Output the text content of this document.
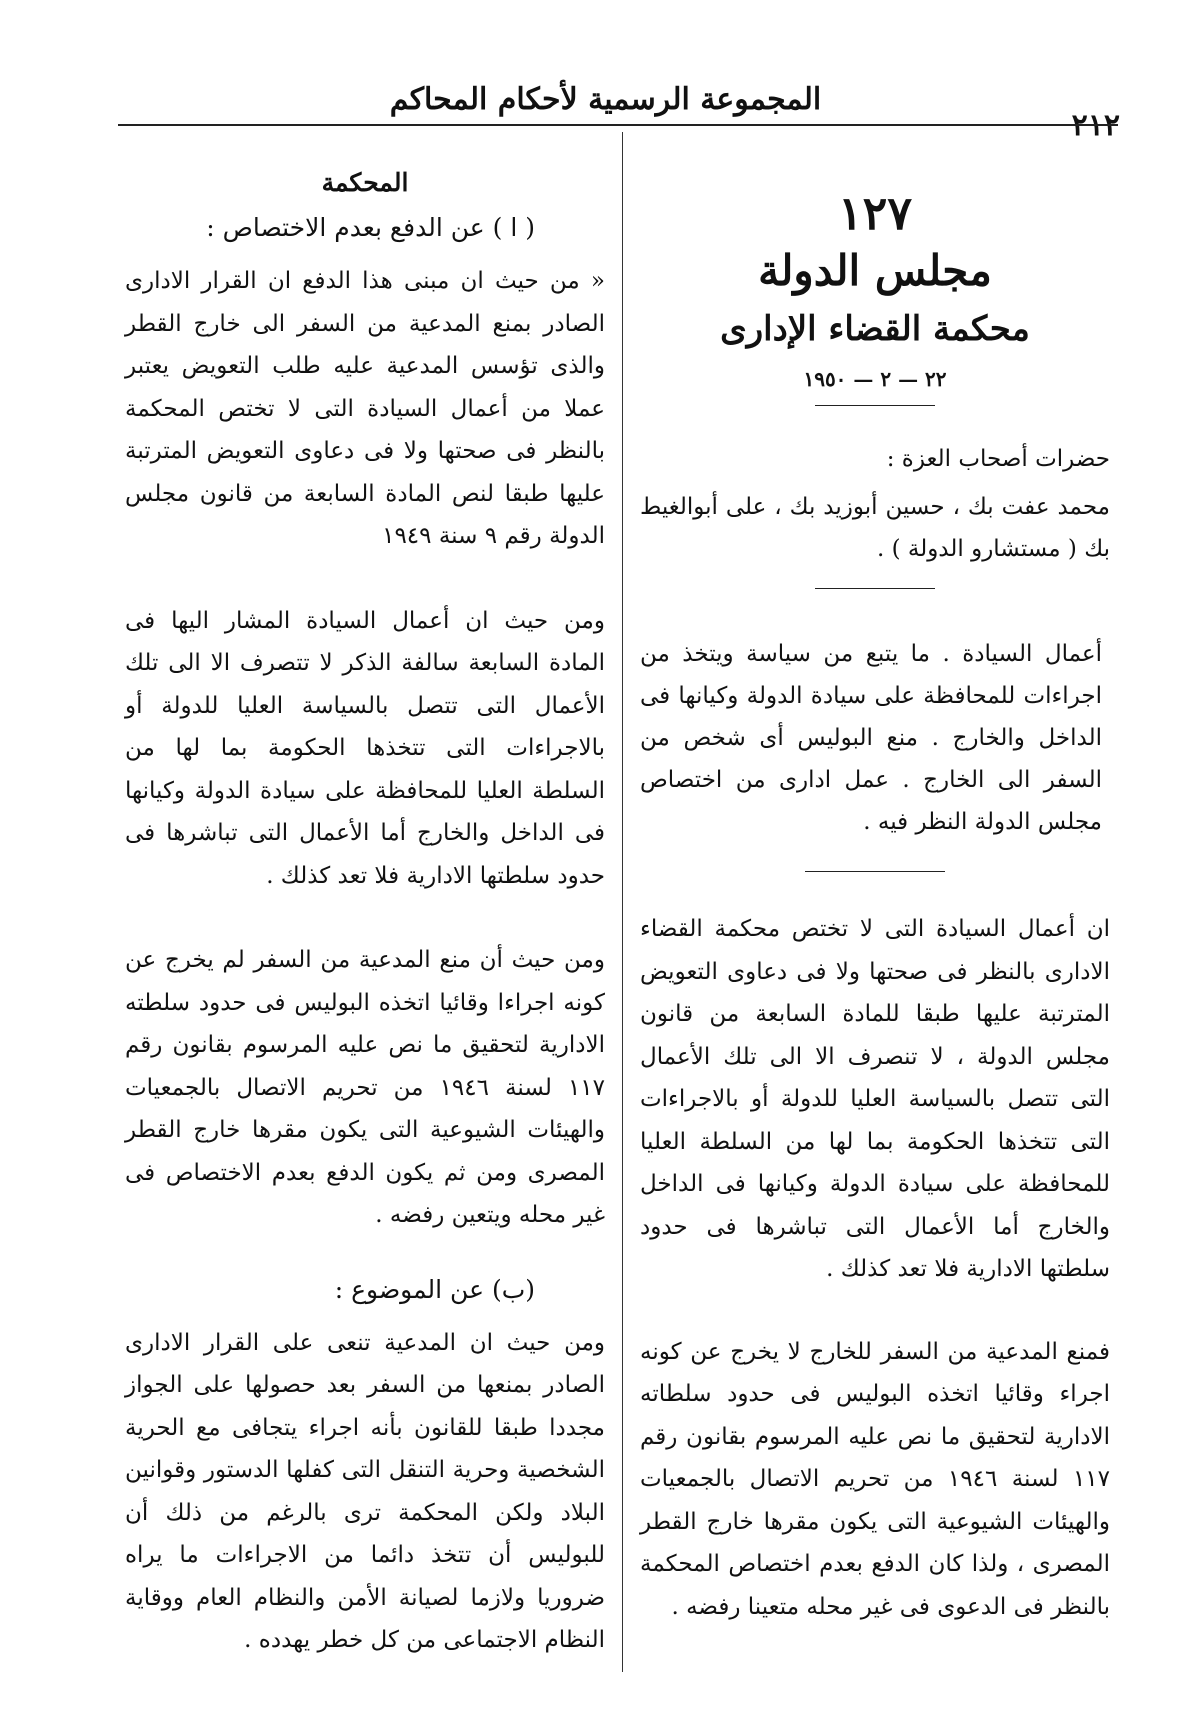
المجموعة الرسمية لأحكام المحاكم
٢١٢
١٢٧
مجلس الدولة
محكمة القضاء الإدارى
٢٢ — ٢ — ١٩٥٠
حضرات أصحاب العزة :

محمد عفت بك ، حسين أبوزيد بك ، على أبوالغيط بك ( مستشارو الدولة ) .

أعمال السيادة . ما يتبع من سياسة ويتخذ من اجراءات للمحافظة على سيادة الدولة وكيانها فى الداخل والخارج . منع البوليس أى شخص من السفر الى الخارج . عمل ادارى من اختصاص مجلس الدولة النظر فيه .

ان أعمال السيادة التى لا تختص محكمة القضاء الادارى بالنظر فى صحتها ولا فى دعاوى التعويض المترتبة عليها طبقا للمادة السابعة من قانون مجلس الدولة ، لا تنصرف الا الى تلك الأعمال التى تتصل بالسياسة العليا للدولة أو بالاجراءات التى تتخذها الحكومة بما لها من السلطة العليا للمحافظة على سيادة الدولة وكيانها فى الداخل والخارج أما الأعمال التى تباشرها فى حدود سلطتها الادارية فلا تعد كذلك .

فمنع المدعية من السفر للخارج لا يخرج عن كونه اجراء وقائيا اتخذه البوليس فى حدود سلطاته الادارية لتحقيق ما نص عليه المرسوم بقانون رقم ١١٧ لسنة ١٩٤٦ من تحريم الاتصال بالجمعيات والهيئات الشيوعية التى يكون مقرها خارج القطر المصرى ، ولذا كان الدفع بعدم اختصاص المحكمة بالنظر فى الدعوى فى غير محله متعينا رفضه .

المحكمة
( ا ) عن الدفع بعدم الاختصاص :

« من حيث ان مبنى هذا الدفع ان القرار الادارى الصادر بمنع المدعية من السفر الى خارج القطر والذى تؤسس المدعية عليه طلب التعويض يعتبر عملا من أعمال السيادة التى لا تختص المحكمة بالنظر فى صحتها ولا فى دعاوى التعويض المترتبة عليها طبقا لنص المادة السابعة من قانون مجلس الدولة رقم ٩ سنة ١٩٤٩

ومن حيث ان أعمال السيادة المشار اليها فى المادة السابعة سالفة الذكر لا تتصرف الا الى تلك الأعمال التى تتصل بالسياسة العليا للدولة أو بالاجراءات التى تتخذها الحكومة بما لها من السلطة العليا للمحافظة على سيادة الدولة وكيانها فى الداخل والخارج أما الأعمال التى تباشرها فى حدود سلطتها الادارية فلا تعد كذلك .

ومن حيث أن منع المدعية من السفر لم يخرج عن كونه اجراءا وقائيا اتخذه البوليس فى حدود سلطته الادارية لتحقيق ما نص عليه المرسوم بقانون رقم ١١٧ لسنة ١٩٤٦ من تحريم الاتصال بالجمعيات والهيئات الشيوعية التى يكون مقرها خارج القطر المصرى ومن ثم يكون الدفع بعدم الاختصاص فى غير محله ويتعين رفضه .

(ب) عن الموضوع :

ومن حيث ان المدعية تنعى على القرار الادارى الصادر بمنعها من السفر بعد حصولها على الجواز مجددا طبقا للقانون بأنه اجراء يتجافى مع الحرية الشخصية وحرية التنقل التى كفلها الدستور وقوانين البلاد ولكن المحكمة ترى بالرغم من ذلك أن للبوليس أن تتخذ دائما من الاجراءات ما يراه ضروريا ولازما لصيانة الأمن والنظام العام ووقاية النظام الاجتماعى من كل خطر يهدده .
